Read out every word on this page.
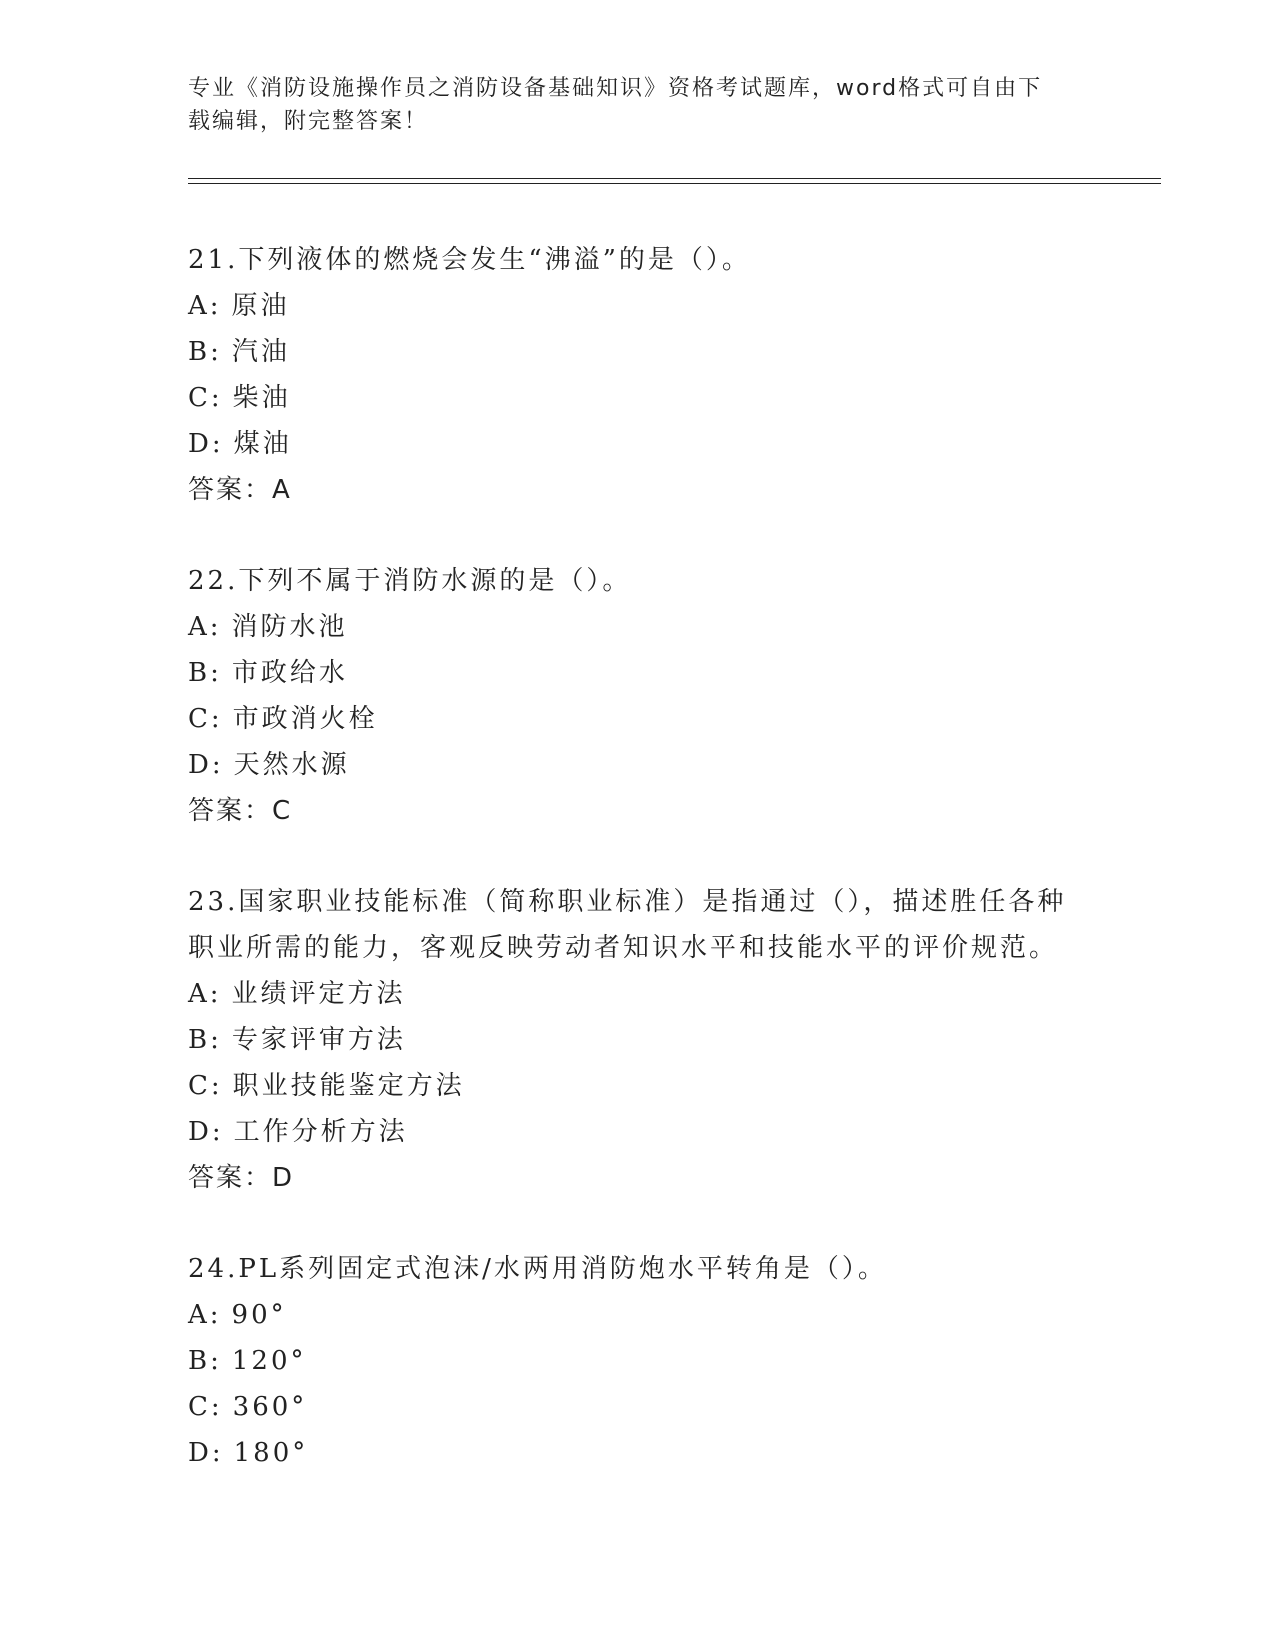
专业《消防设施操作员之消防设备基础知识》资格考试题库，word格式可自由下
载编辑，附完整答案！

21.下列液体的燃烧会发生“沸溢”的是（）。

A: 原油

B: 汽油

C: 柴油

D: 煤油

答案：A

22.下列不属于消防水源的是（）。

A: 消防水池

B: 市政给水

C: 市政消火栓

D: 天然水源

答案：C

23.国家职业技能标准（简称职业标准）是指通过（），描述胜任各种职业所需的能力，客观反映劳动者知识水平和技能水平的评价规范。

A: 业绩评定方法

B: 专家评审方法

C: 职业技能鉴定方法

D: 工作分析方法

答案：D

24.PL系列固定式泡沫/水两用消防炮水平转角是（）。

A: 90°

B: 120°

C: 360°

D: 180°
